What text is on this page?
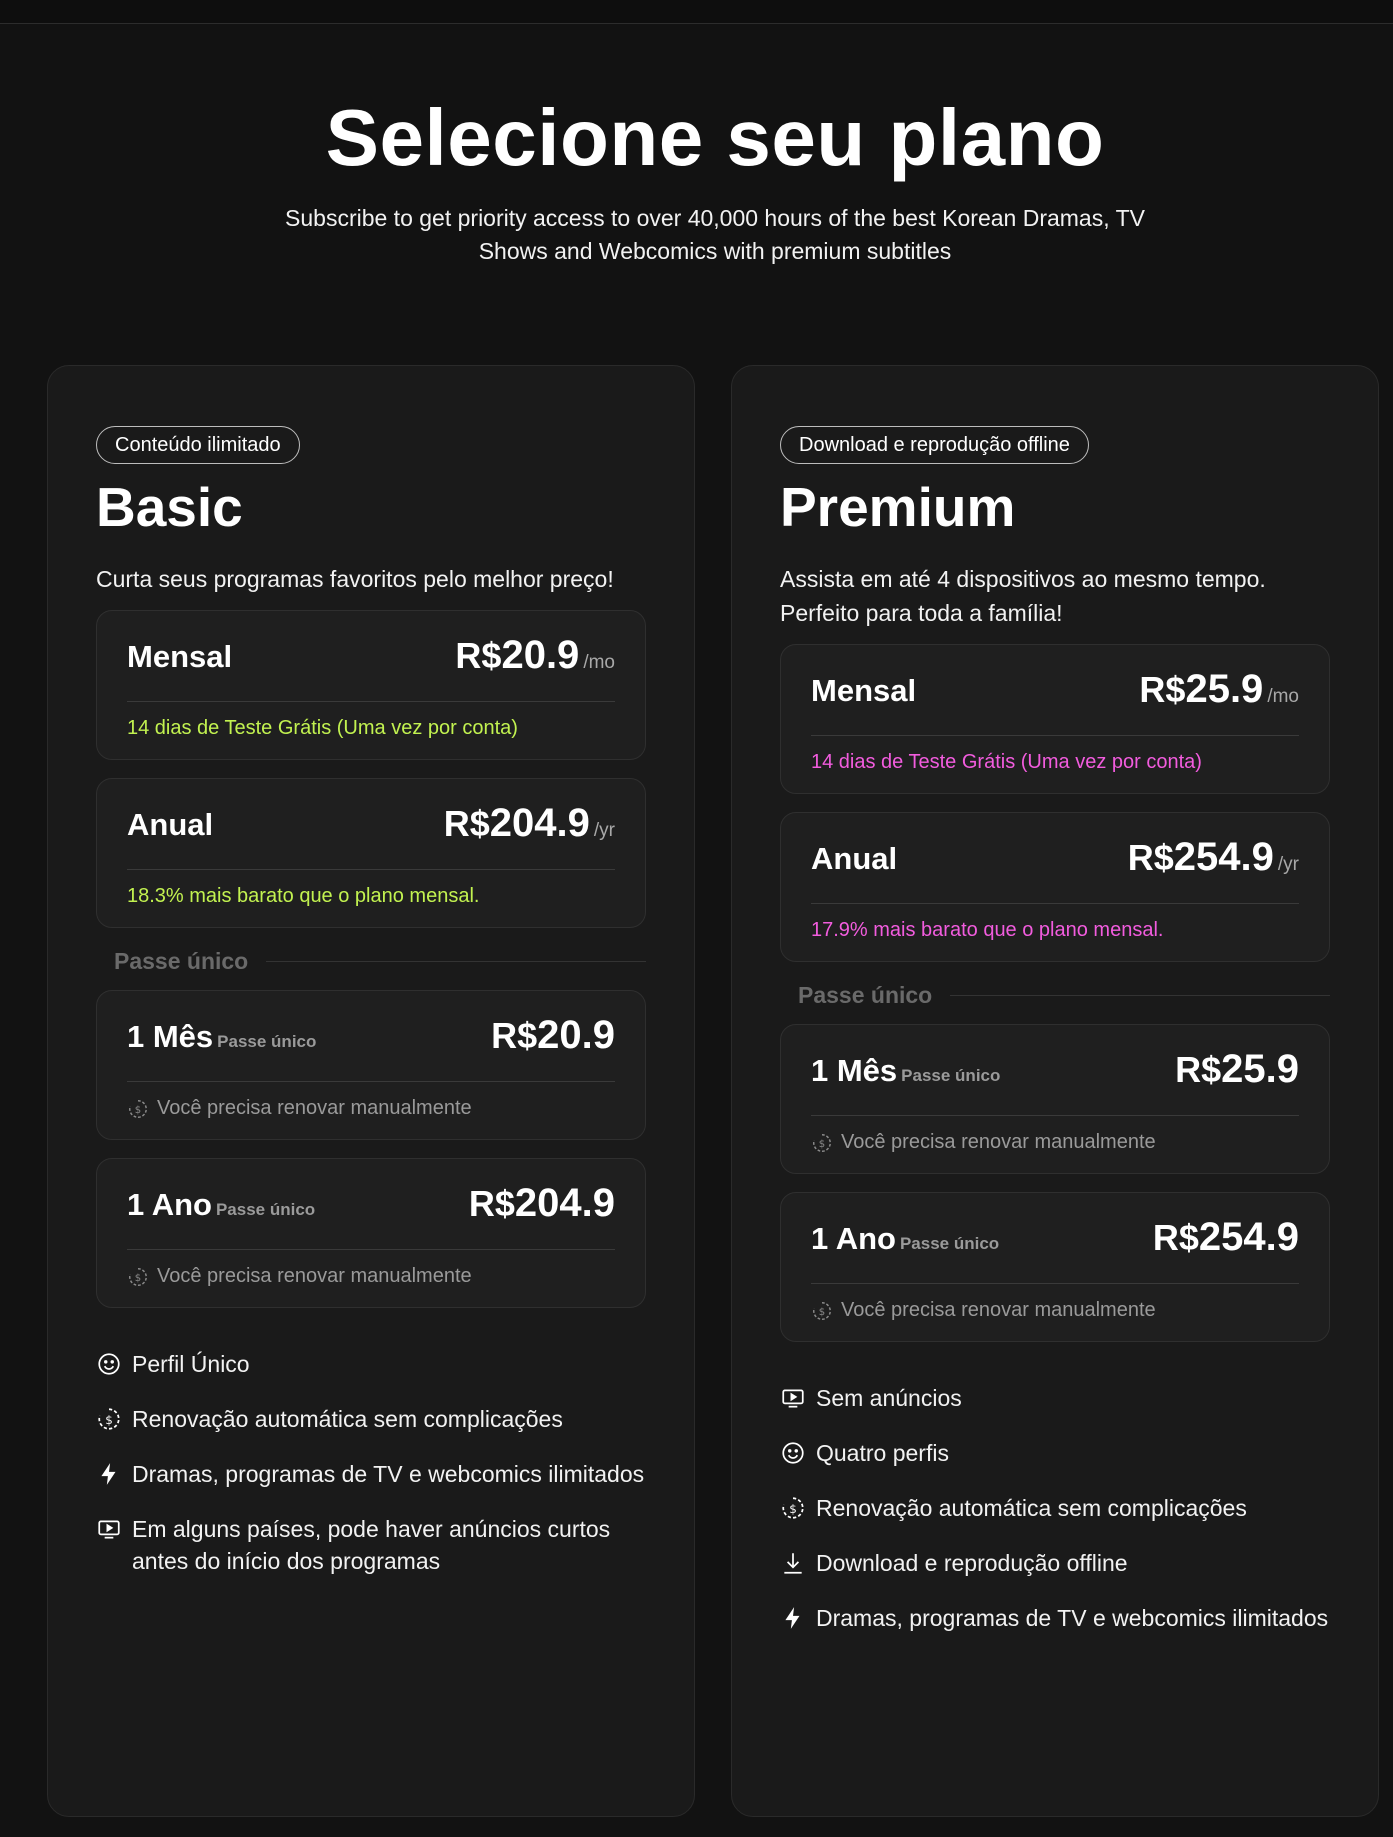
Selecione seu plano
Subscribe to get priority access to over 40,000 hours of the best Korean Dramas, TV
Shows and Webcomics with premium subtitles
Conteúdo ilimitado
Basic
Curta seus programas favoritos pelo melhor preço!
Mensal	R$20.9 /mo
14 dias de Teste Grátis (Uma vez por conta)
Anual	R$204.9 /yr
18.3% mais barato que o plano mensal.
Passe único
1 Mês Passe único	R$20.9
$ Você precisa renovar manualmente
1 Ano Passe único	R$204.9
$ Você precisa renovar manualmente
Perfil Único
$ Renovação automática sem complicações
Dramas, programas de TV e webcomics ilimitados
Em alguns países, pode haver anúncios curtos antes do início dos programas
Download e reprodução offline
Premium
Assista em até 4 dispositivos ao mesmo tempo. Perfeito para toda a família!
Mensal	R$25.9 /mo
14 dias de Teste Grátis (Uma vez por conta)
Anual	R$254.9 /yr
17.9% mais barato que o plano mensal.
Passe único
1 Mês Passe único	R$25.9
$ Você precisa renovar manualmente
1 Ano Passe único	R$254.9
$ Você precisa renovar manualmente
Sem anúncios
Quatro perfis
$ Renovação automática sem complicações
Download e reprodução offline
Dramas, programas de TV e webcomics ilimitados
